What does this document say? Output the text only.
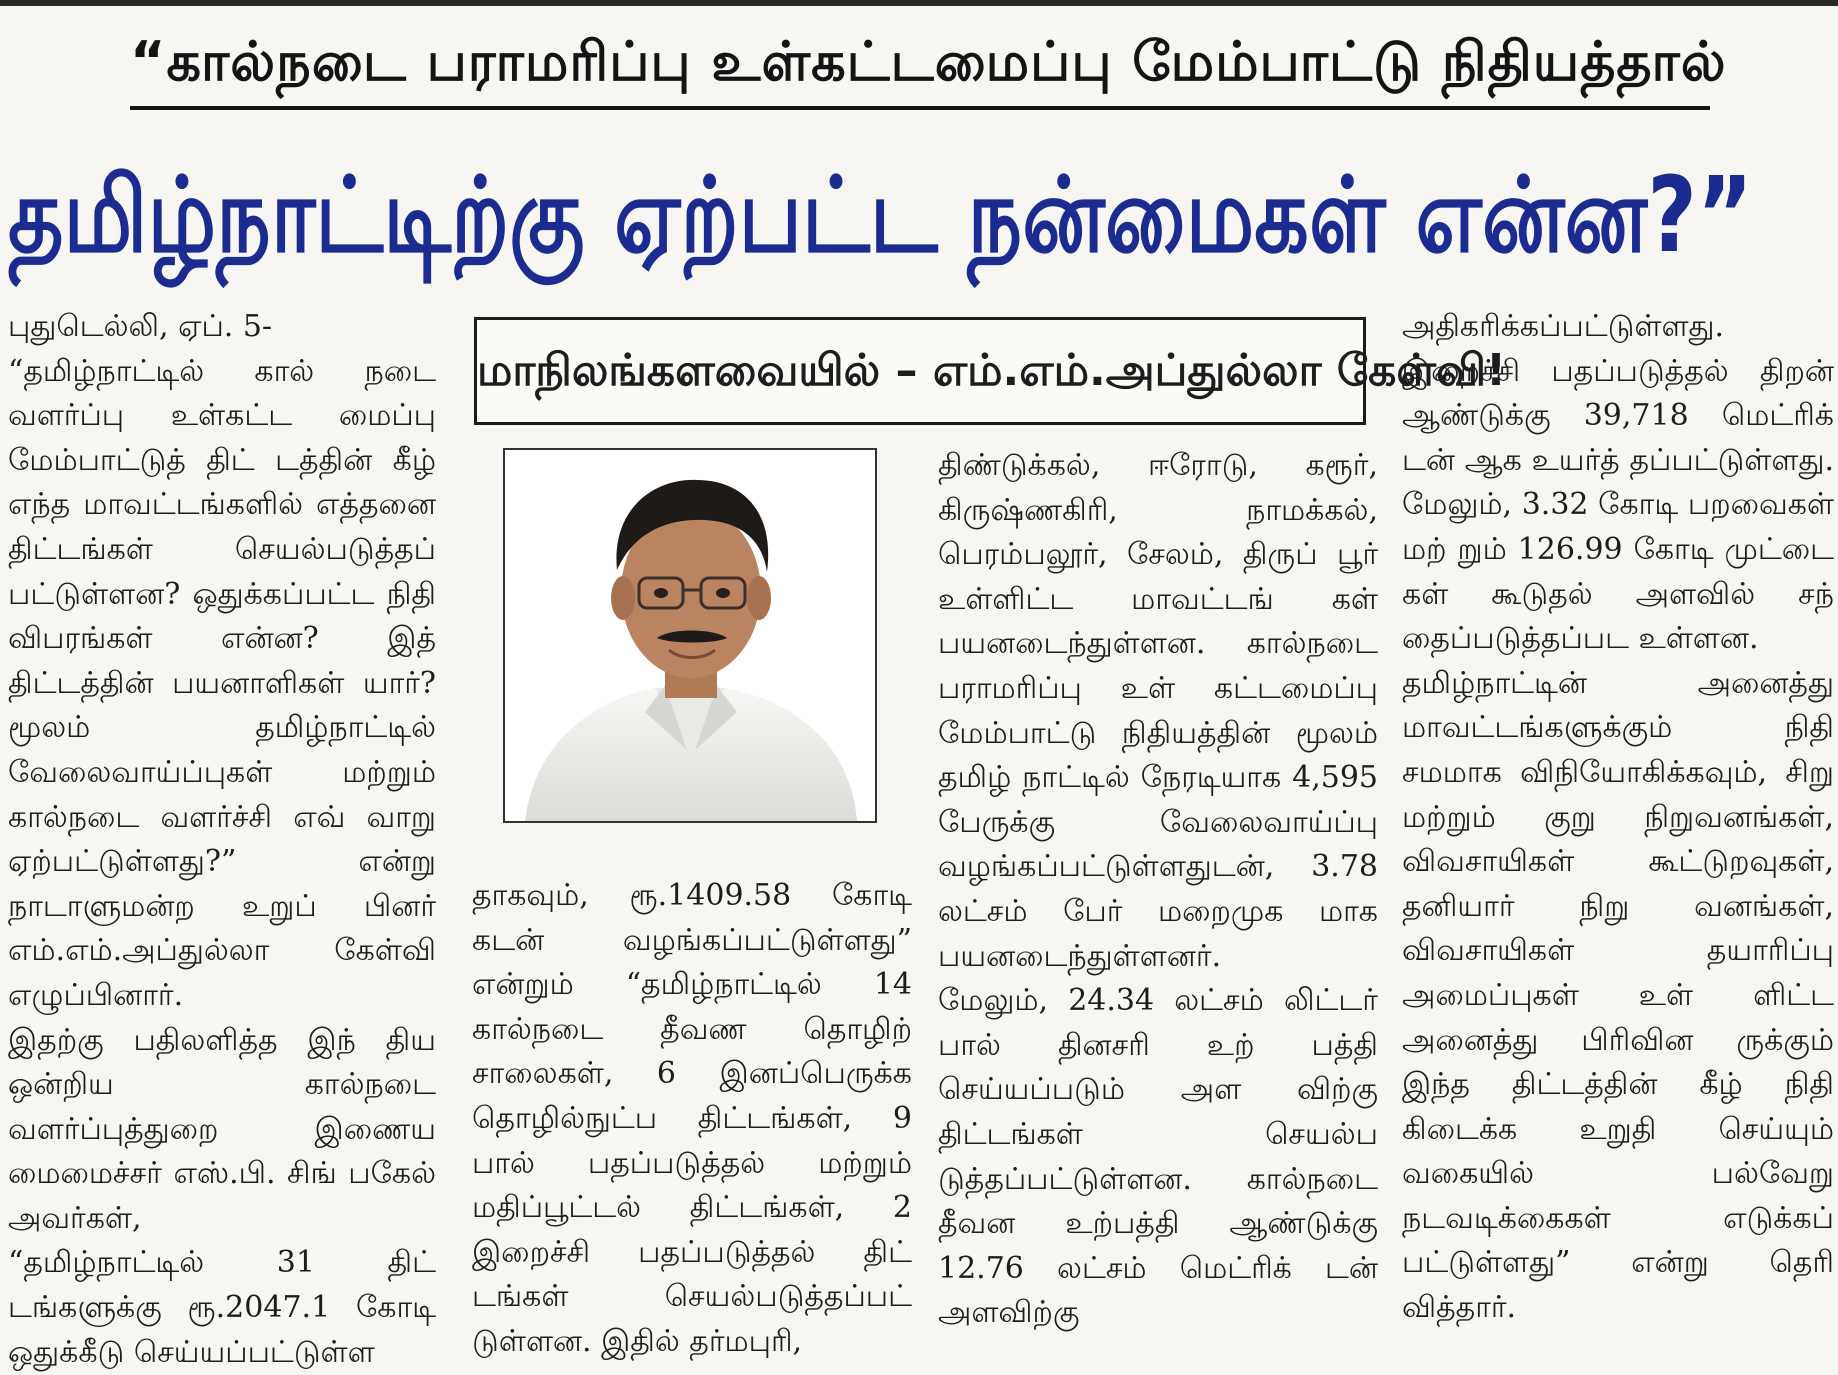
“கால்நடை பராமரிப்பு உள்கட்டமைப்பு மேம்பாட்டு நிதியத்தால்
தமிழ்நாட்டிற்கு ஏற்பட்ட நன்மைகள் என்ன?”

புதுடெல்லி, ஏப். 5-
“தமிழ்நாட்டில் கால் நடை வளர்ப்பு உள்கட்ட மைப்பு மேம்பாட்டுத் திட் டத்தின் கீழ் எந்த மாவட்டங்களில் எத்தனை திட்டங்கள் செயல்படுத்தப் பட்டுள்ளன? ஒதுக்கப்பட்ட நிதி விபரங்கள் என்ன? இத் திட்டத்தின் பயனாளிகள் யார்? மூலம் தமிழ்நாட்டில் வேலைவாய்ப்புகள் மற்றும் கால்நடை வளர்ச்சி எவ் வாறு ஏற்பட்டுள்ளது?” என்று நாடாளுமன்ற உறுப் பினர் எம்.எம்.அப்துல்லா கேள்வி எழுப்பினார்.
இதற்கு பதிலளித்த இந் திய ஒன்றிய கால்நடை வளர்ப்புத்துறை இணைய மைமைச்சர் எஸ்.பி. சிங் பகேல் அவர்கள்,
“தமிழ்நாட்டில் 31 திட் டங்களுக்கு ரூ.2047.1 கோடி ஒதுக்கீடு செய்யப்பட்டுள்ள

மாநிலங்களவையில் – எம்.எம்.அப்துல்லா கேள்வி!

தாகவும், ரூ.1409.58 கோடி கடன் வழங்கப்பட்டுள்ளது” என்றும் “தமிழ்நாட்டில் 14 கால்நடை தீவண தொழிற் சாலைகள், 6 இனப்பெருக்க தொழில்நுட்ப திட்டங்கள், 9 பால் பதப்படுத்தல் மற்றும் மதிப்பூட்டல் திட்டங்கள், 2 இறைச்சி பதப்படுத்தல் திட் டங்கள் செயல்படுத்தப்பட் டுள்ளன. இதில் தர்மபுரி,

திண்டுக்கல், ஈரோடு, கரூர், கிருஷ்ணகிரி, நாமக்கல், பெரம்பலூர், சேலம், திருப் பூர் உள்ளிட்ட மாவட்டங் கள் பயனடைந்துள்ளன. கால்நடை பராமரிப்பு உள் கட்டமைப்பு மேம்பாட்டு நிதியத்தின் மூலம் தமிழ் நாட்டில் நேரடியாக 4,595 பேருக்கு வேலைவாய்ப்பு வழங்கப்பட்டுள்ளதுடன், 3.78 லட்சம் பேர் மறைமுக மாக பயனடைந்துள்ளனர்.
மேலும், 24.34 லட்சம் லிட்டர் பால் தினசரி உற் பத்தி செய்யப்படும் அள விற்கு திட்டங்கள் செயல்ப டுத்தப்பட்டுள்ளன. கால்நடை தீவன உற்பத்தி ஆண்டுக்கு 12.76 லட்சம் மெட்ரிக் டன் அளவிற்கு

அதிகரிக்கப்பட்டுள்ளது. இறைச்சி பதப்படுத்தல் திறன் ஆண்டுக்கு 39,718 மெட்ரிக் டன் ஆக உயர்த் தப்பட்டுள்ளது. மேலும், 3.32 கோடி பறவைகள் மற் றும் 126.99 கோடி முட்டை கள் கூடுதல் அளவில் சந் தைப்படுத்தப்பட உள்ளன.
தமிழ்நாட்டின் அனைத்து மாவட்டங்களுக்கும் நிதி சமமாக விநியோகிக்கவும், சிறு மற்றும் குறு நிறுவனங்கள், விவசாயிகள் கூட்டுறவுகள், தனியார் நிறு வனங்கள், விவசாயிகள் தயாரிப்பு அமைப்புகள் உள் ளிட்ட அனைத்து பிரிவின ருக்கும் இந்த திட்டத்தின் கீழ் நிதி கிடைக்க உறுதி செய்யும் வகையில் பல்வேறு நடவடிக்கைகள் எடுக்கப் பட்டுள்ளது” என்று தெரி வித்தார்.
